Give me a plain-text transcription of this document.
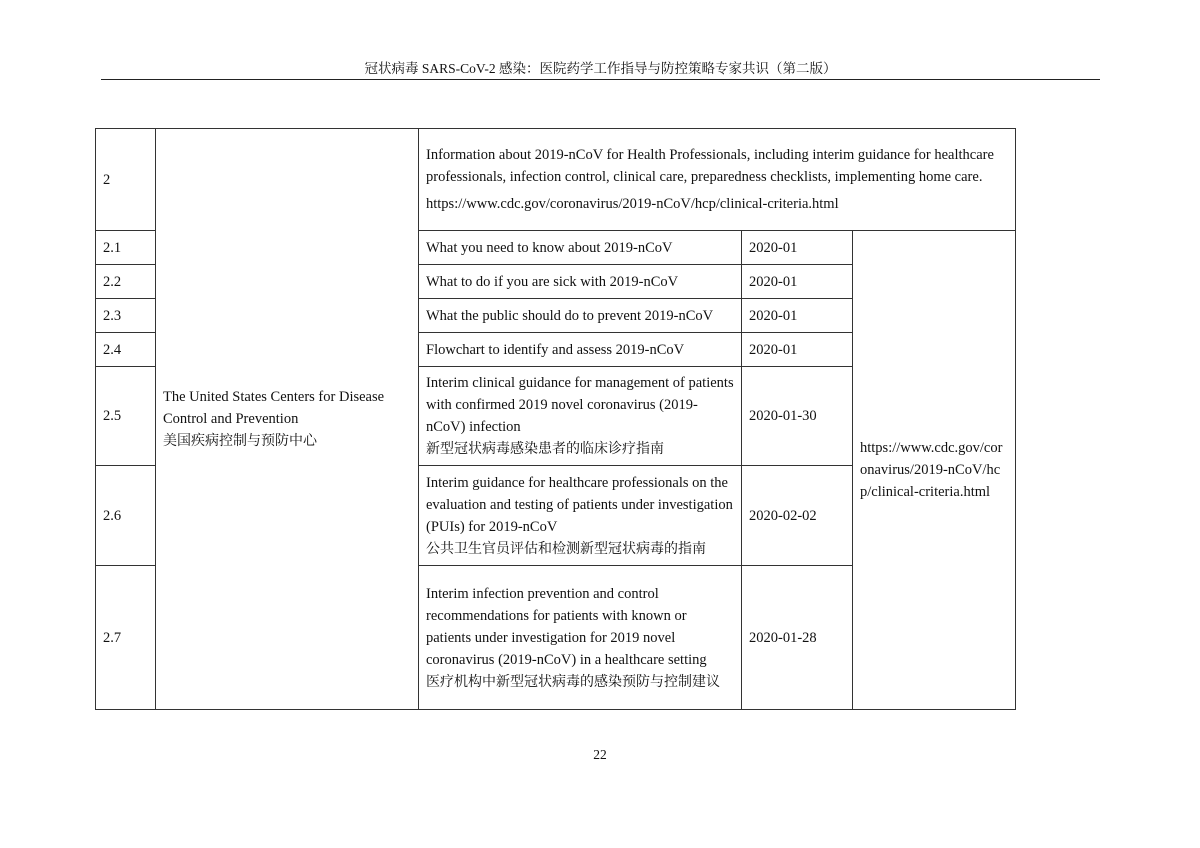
冠状病毒 SARS-CoV-2 感染：医院药学工作指导与防控策略专家共识（第二版）
2	The United States Centers for Disease Control and Prevention
美国疾病控制与预防中心	Information about 2019-nCoV for Health Professionals, including interim guidance for healthcare professionals, infection control, clinical care, preparedness checklists, implementing home care.
https://www.cdc.gov/coronavirus/2019-nCoV/hcp/clinical-criteria.html		

2.1		What you need to know about 2019-nCoV	2020-01	https://www.cdc.gov/coronavirus/2019-nCoV/hcp/clinical-criteria.html
2.2		What to do if you are sick with 2019-nCoV	2020-01	
2.3		What the public should do to prevent 2019-nCoV	2020-01	
2.4		Flowchart to identify and assess 2019-nCoV	2020-01	
2.5		Interim clinical guidance for management of patients with confirmed 2019 novel coronavirus (2019-nCoV) infection
新型冠状病毒感染患者的临床诊疗指南	2020-01-30	
2.6		Interim guidance for healthcare professionals on the evaluation and testing of patients under investigation (PUIs) for 2019-nCoV
公共卫生官员评估和检测新型冠状病毒的指南	2020-02-02	
2.7		Interim infection prevention and control recommendations for patients with known or patients under investigation for 2019 novel coronavirus (2019-nCoV) in a healthcare setting
医疗机构中新型冠状病毒的感染预防与控制建议	2020-01-28	
22
